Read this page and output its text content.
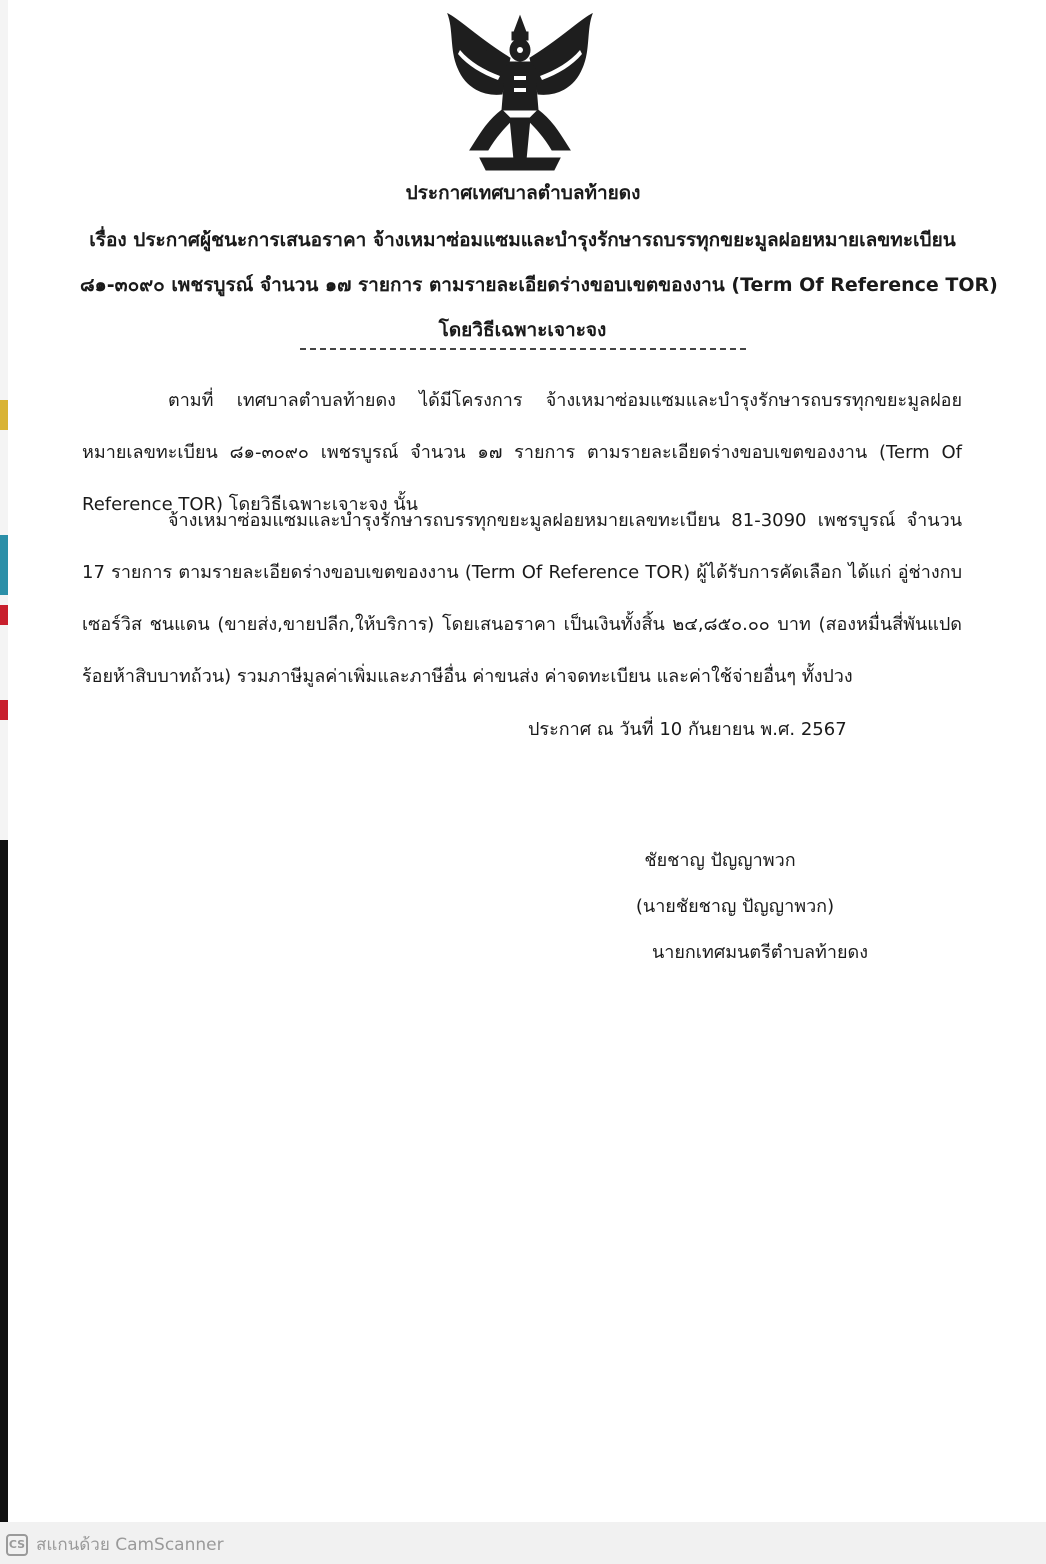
ประกาศเทศบาลตำบลท้ายดง
เรื่อง ประกาศผู้ชนะการเสนอราคา จ้างเหมาซ่อมแซมและบำรุงรักษารถบรรทุกขยะมูลฝอยหมายเลขทะเบียน
๘๑-๓๐๙๐ เพชรบูรณ์ จำนวน ๑๗ รายการ ตามรายละเอียดร่างขอบเขตของงาน (Term Of Reference TOR)
โดยวิธีเฉพาะเจาะจง
ตามที่ เทศบาลตำบลท้ายดง ได้มีโครงการ จ้างเหมาซ่อมแซมและบำรุงรักษารถบรรทุกขยะมูลฝอยหมายเลขทะเบียน ๘๑-๓๐๙๐ เพชรบูรณ์ จำนวน ๑๗ รายการ ตามรายละเอียดร่างขอบเขตของงาน (Term Of Reference TOR) โดยวิธีเฉพาะเจาะจง นั้น
จ้างเหมาซ่อมแซมและบำรุงรักษารถบรรทุกขยะมูลฝอยหมายเลขทะเบียน 81-3090 เพชรบูรณ์ จำนวน 17 รายการ ตามรายละเอียดร่างขอบเขตของงาน (Term Of Reference TOR) ผู้ได้รับการคัดเลือก ได้แก่ อู่ช่างกบเซอร์วิส ชนแดน (ขายส่ง,ขายปลีก,ให้บริการ) โดยเสนอราคา เป็นเงินทั้งสิ้น ๒๔,๘๕๐.๐๐ บาท (สองหมื่นสี่พันแปดร้อยห้าสิบบาทถ้วน) รวมภาษีมูลค่าเพิ่มและภาษีอื่น ค่าขนส่ง ค่าจดทะเบียน และค่าใช้จ่ายอื่นๆ ทั้งปวง
ประกาศ ณ วันที่ 10 กันยายน พ.ศ. 2567
ชัยชาญ ปัญญาพวก
(นายชัยชาญ ปัญญาพวก)
นายกเทศมนตรีตำบลท้ายดง
CS สแกนด้วย CamScanner
